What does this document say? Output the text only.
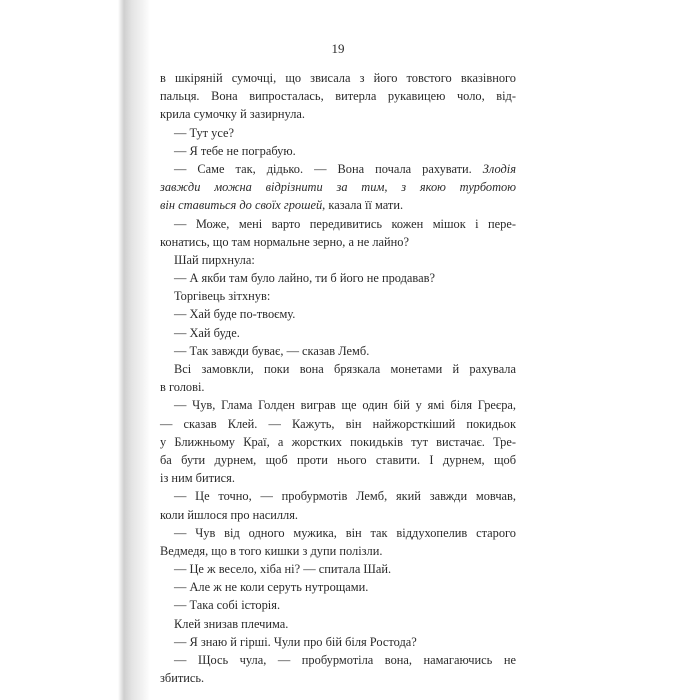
19
в шкіряній сумочці, що звисала з його товстого вказівного
пальця. Вона випросталась, витерла рукавицею чоло, від-
крила сумочку й зазирнула.
— Тут усе?
— Я тебе не пограбую.
— Саме так, дідько. — Вона почала рахувати. Злодія
завжди можна відрізнити за тим, з якою турботою
він ставиться до своїх грошей, казала її мати.
— Може, мені варто передивитись кожен мішок і пере-
конатись, що там нормальне зерно, а не лайно?
Шай пирхнула:
— А якби там було лайно, ти б його не продавав?
Торгівець зітхнув:
— Хай буде по-твоєму.
— Хай буде.
— Так завжди буває, — сказав Лемб.
Всі замовкли, поки вона брязкала монетами й рахувала
в голові.
— Чув, Глама Голден виграв ще один бій у ямі біля Греєра,
— сказав Клей. — Кажуть, він найжорсткіший покидьок
у Ближньому Краї, а жорстких покидьків тут вистачає. Тре-
ба бути дурнем, щоб проти нього ставити. І дурнем, щоб
із ним битися.
— Це точно, — пробурмотів Лемб, який завжди мовчав,
коли йшлося про насилля.
— Чув від одного мужика, він так віддухопелив старого
Ведмедя, що в того кишки з дупи полізли.
— Це ж весело, хіба ні? — спитала Шай.
— Але ж не коли серуть нутрощами.
— Така собі історія.
Клей знизав плечима.
— Я знаю й гірші. Чули про бій біля Ростода?
— Щось чула, — пробурмотіла вона, намагаючись не
збитись.
